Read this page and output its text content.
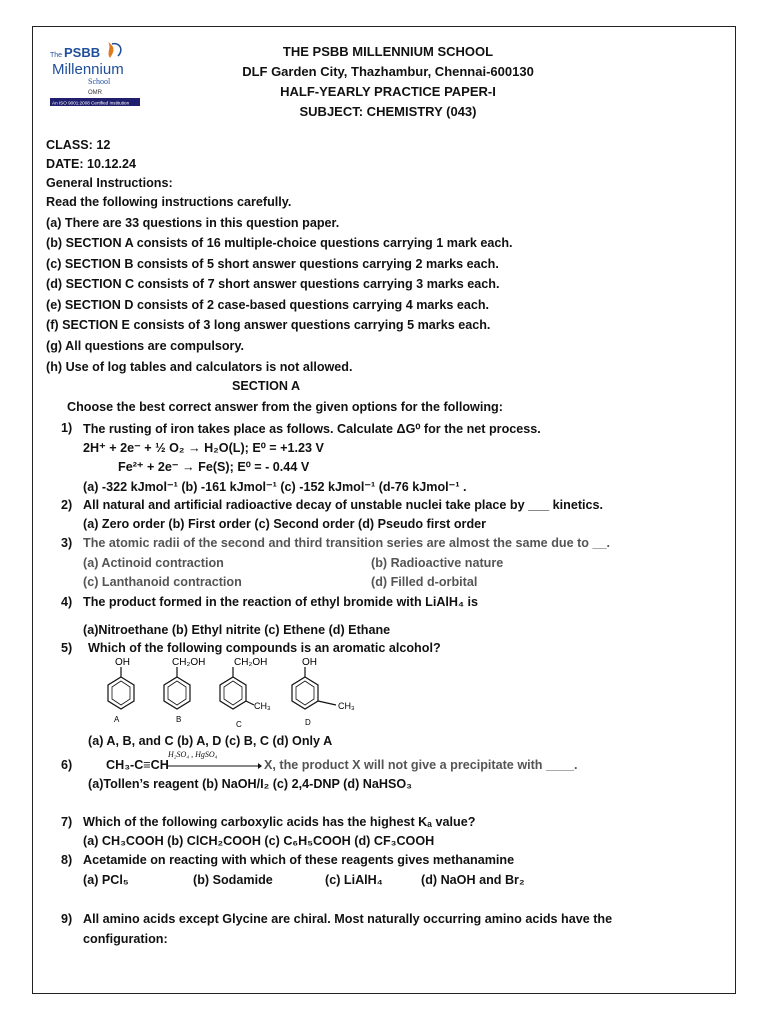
The PSBB
Millennium
School
OMR
An ISO 9001:2008 Certified Institution
THE PSBB MILLENNIUM SCHOOL
DLF Garden City, Thazhambur, Chennai-600130
HALF-YEARLY PRACTICE PAPER-I
SUBJECT: CHEMISTRY (043)
CLASS: 12
DATE: 10.12.24
General Instructions:
Read the following instructions carefully.
(a) There are 33 questions in this question paper.
(b) SECTION A consists of 16 multiple-choice questions carrying 1 mark each.
(c) SECTION B consists of 5 short answer questions carrying 2 marks each.
(d) SECTION C consists of 7 short answer questions carrying 3 marks each.
(e) SECTION D consists of 2 case-based questions carrying 4 marks each.
(f) SECTION E consists of 3 long answer questions carrying 5 marks each.
(g) All questions are compulsory.
(h) Use of log tables and calculators is not allowed.
SECTION A
Choose the best correct answer from the given options for the following:
1) The rusting of iron takes place as follows. Calculate ΔG⁰ for the net process.
2H⁺ + 2e⁻ + ½ O₂ → H₂O(L); E⁰ = +1.23 V
Fe²⁺ + 2e⁻ → Fe(S); E⁰ = - 0.44 V
(a) -322 kJmol⁻¹ (b) -161 kJmol⁻¹ (c) -152 kJmol⁻¹ (d-76 kJmol⁻¹ .
2) All natural and artificial radioactive decay of unstable nuclei take place by ___ kinetics.
(a) Zero order (b) First order (c) Second order (d) Pseudo first order
3) The atomic radii of the second and third transition series are almost the same due to __.
(a) Actinoid contraction	(b) Radioactive nature
(c) Lanthanoid contraction	(d) Filled d-orbital
4) The product formed in the reaction of ethyl bromide with LiAlH₄ is
(a)Nitroethane (b) Ethyl nitrite (c) Ethene (d) Ethane
5) Which of the following compounds is an aromatic alcohol?
OH
A
CH₂OH
B
CH₂OH
CH₃
C
OH
CH₃
D
(a) A, B, and C (b) A, D (c) B, C (d) Only A
6)	CH₃-C≡CH
H₂SO₄ , HgSO₄
X, the product X will not give a precipitate with ____.
(a)Tollen’s reagent (b) NaOH/I₂ (c) 2,4-DNP (d) NaHSO₃
7) Which of the following carboxylic acids has the highest Kₐ value?
(a) CH₃COOH (b) ClCH₂COOH (c) C₆H₅COOH (d) CF₃COOH
8) Acetamide on reacting with which of these reagents gives methanamine
(a) PCl₅	(b) Sodamide	(c) LiAlH₄	(d) NaOH and Br₂
9) All amino acids except Glycine are chiral. Most naturally occurring amino acids have the
configuration:
